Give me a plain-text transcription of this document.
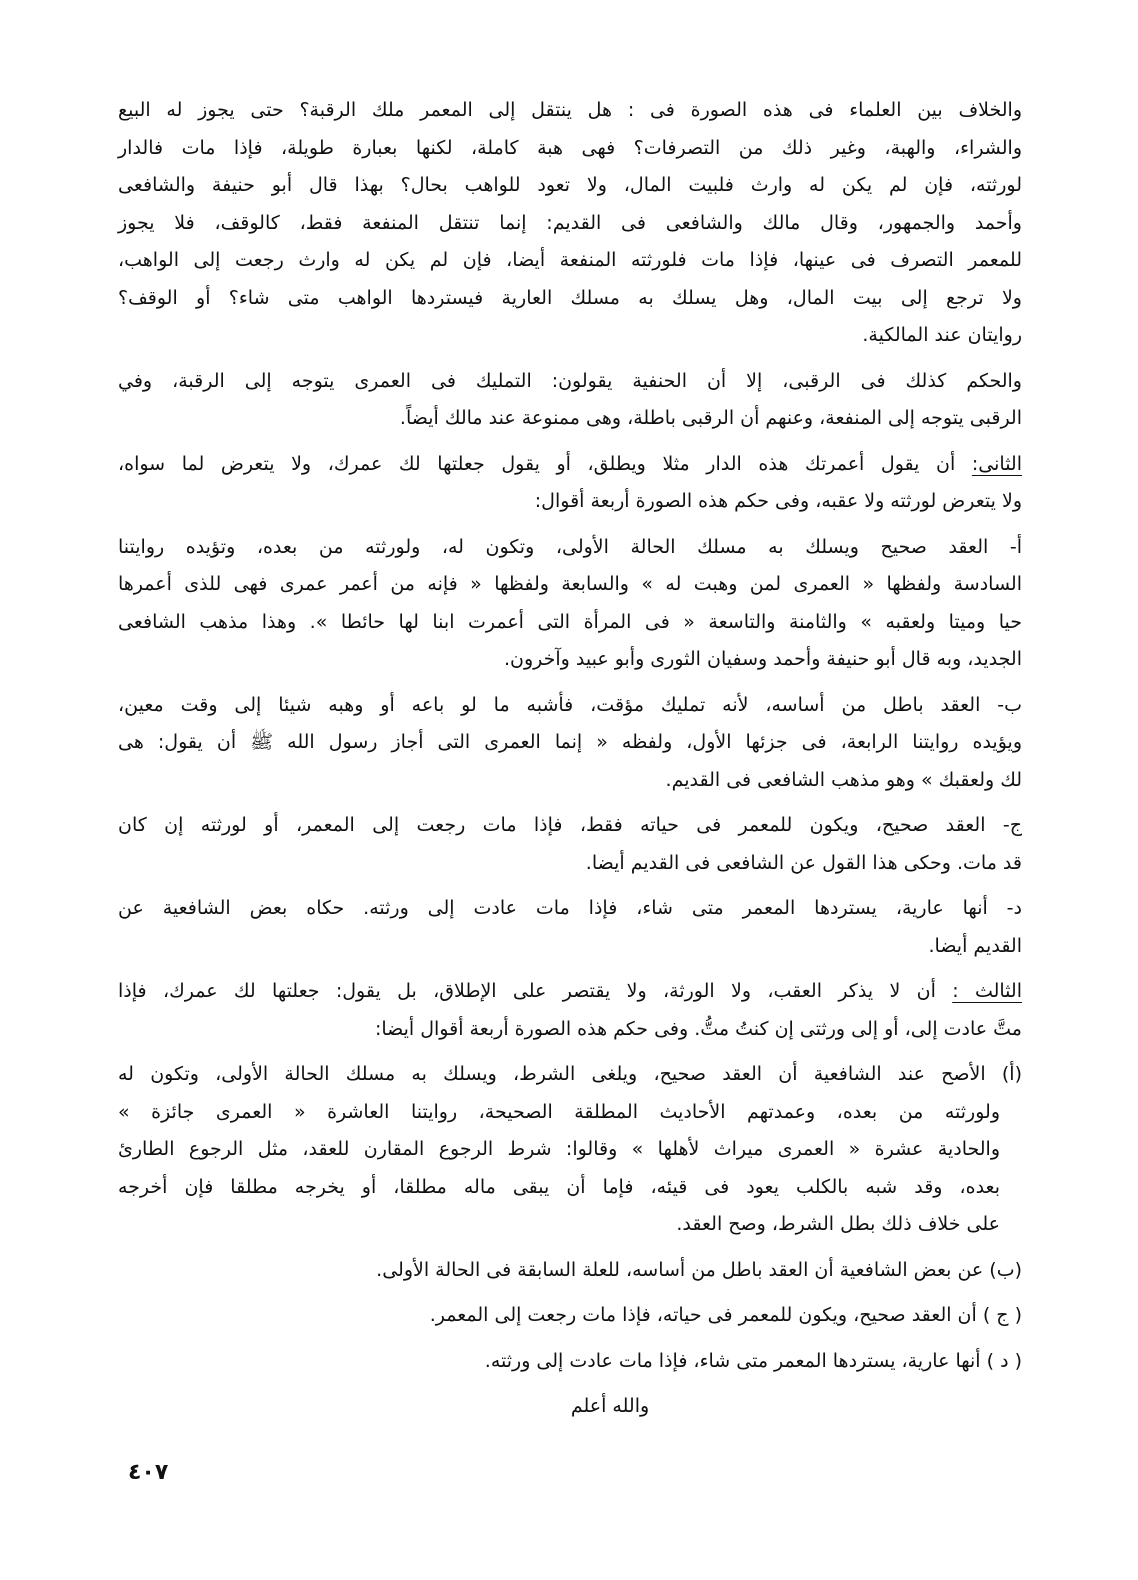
والخلاف بين العلماء فى هذه الصورة فى : هل ينتقل إلى المعمر ملك الرقبة؟ حتى يجوز له البيع
والشراء، والهبة، وغير ذلك من التصرفات؟ فهى هبة كاملة، لكنها بعبارة طويلة، فإذا مات فالدار
لورثته، فإن لم يكن له وارث فلبيت المال، ولا تعود للواهب بحال؟ بهذا قال أبو حنيفة والشافعى
وأحمد والجمهور، وقال مالك والشافعى فى القديم: إنما تنتقل المنفعة فقط، كالوقف، فلا يجوز
للمعمر التصرف فى عينها، فإذا مات فلورثته المنفعة أيضا، فإن لم يكن له وارث رجعت إلى الواهب،
ولا ترجع إلى بيت المال، وهل يسلك به مسلك العارية فيستردها الواهب متى شاء؟ أو الوقف؟
روايتان عند المالكية.
والحكم كذلك فى الرقبى، إلا أن الحنفية يقولون: التمليك فى العمرى يتوجه إلى الرقبة، وفي
الرقبى يتوجه إلى المنفعة، وعنهم أن الرقبى باطلة، وهى ممنوعة عند مالك أيضاً.
الثانى: أن يقول أعمرتك هذه الدار مثلا ويطلق، أو يقول جعلتها لك عمرك، ولا يتعرض لما سواه،
ولا يتعرض لورثته ولا عقبه، وفى حكم هذه الصورة أربعة أقوال:
أ- العقد صحيح ويسلك به مسلك الحالة الأولى، وتكون له، ولورثته من بعده، وتؤيده روايتنا
السادسة ولفظها « العمرى لمن وهبت له » والسابعة ولفظها « فإنه من أعمر عمرى فهى للذى أعمرها
حيا وميتا ولعقبه » والثامنة والتاسعة « فى المرأة التى أعمرت ابنا لها حائطا ». وهذا مذهب الشافعى
الجديد، وبه قال أبو حنيفة وأحمد وسفيان الثورى وأبو عبيد وآخرون.
ب- العقد باطل من أساسه، لأنه تمليك مؤقت، فأشبه ما لو باعه أو وهبه شيئا إلى وقت معين،
ويؤيده روايتنا الرابعة، فى جزئها الأول، ولفظه « إنما العمرى التى أجاز رسول الله ﷺ أن يقول: هى
لك ولعقبك » وهو مذهب الشافعى فى القديم.
ج- العقد صحيح، ويكون للمعمر فى حياته فقط، فإذا مات رجعت إلى المعمر، أو لورثته إن كان
قد مات. وحكى هذا القول عن الشافعى فى القديم أيضا.
د- أنها عارية، يستردها المعمر متى شاء، فإذا مات عادت إلى ورثته. حكاه بعض الشافعية عن
القديم أيضا.
الثالث : أن لا يذكر العقب، ولا الورثة، ولا يقتصر على الإطلاق، بل يقول: جعلتها لك عمرك، فإذا
متَّ عادت إلى، أو إلى ورثتى إن كنتُ متُّ. وفى حكم هذه الصورة أربعة أقوال أيضا:
(أ) الأصح عند الشافعية أن العقد صحيح، ويلغى الشرط، ويسلك به مسلك الحالة الأولى، وتكون له
ولورثته من بعده، وعمدتهم الأحاديث المطلقة الصحيحة، روايتنا العاشرة « العمرى جائزة »
والحادية عشرة « العمرى ميراث لأهلها » وقالوا: شرط الرجوع المقارن للعقد، مثل الرجوع الطارئ
بعده، وقد شبه بالكلب يعود فى قيئه، فإما أن يبقى ماله مطلقا، أو يخرجه مطلقا فإن أخرجه
على خلاف ذلك بطل الشرط، وصح العقد.
(ب) عن بعض الشافعية أن العقد باطل من أساسه، للعلة السابقة فى الحالة الأولى.
( ج ) أن العقد صحيح، ويكون للمعمر فى حياته، فإذا مات رجعت إلى المعمر.
( د ) أنها عارية، يستردها المعمر متى شاء، فإذا مات عادت إلى ورثته.
والله أعلم
٤٠٧
